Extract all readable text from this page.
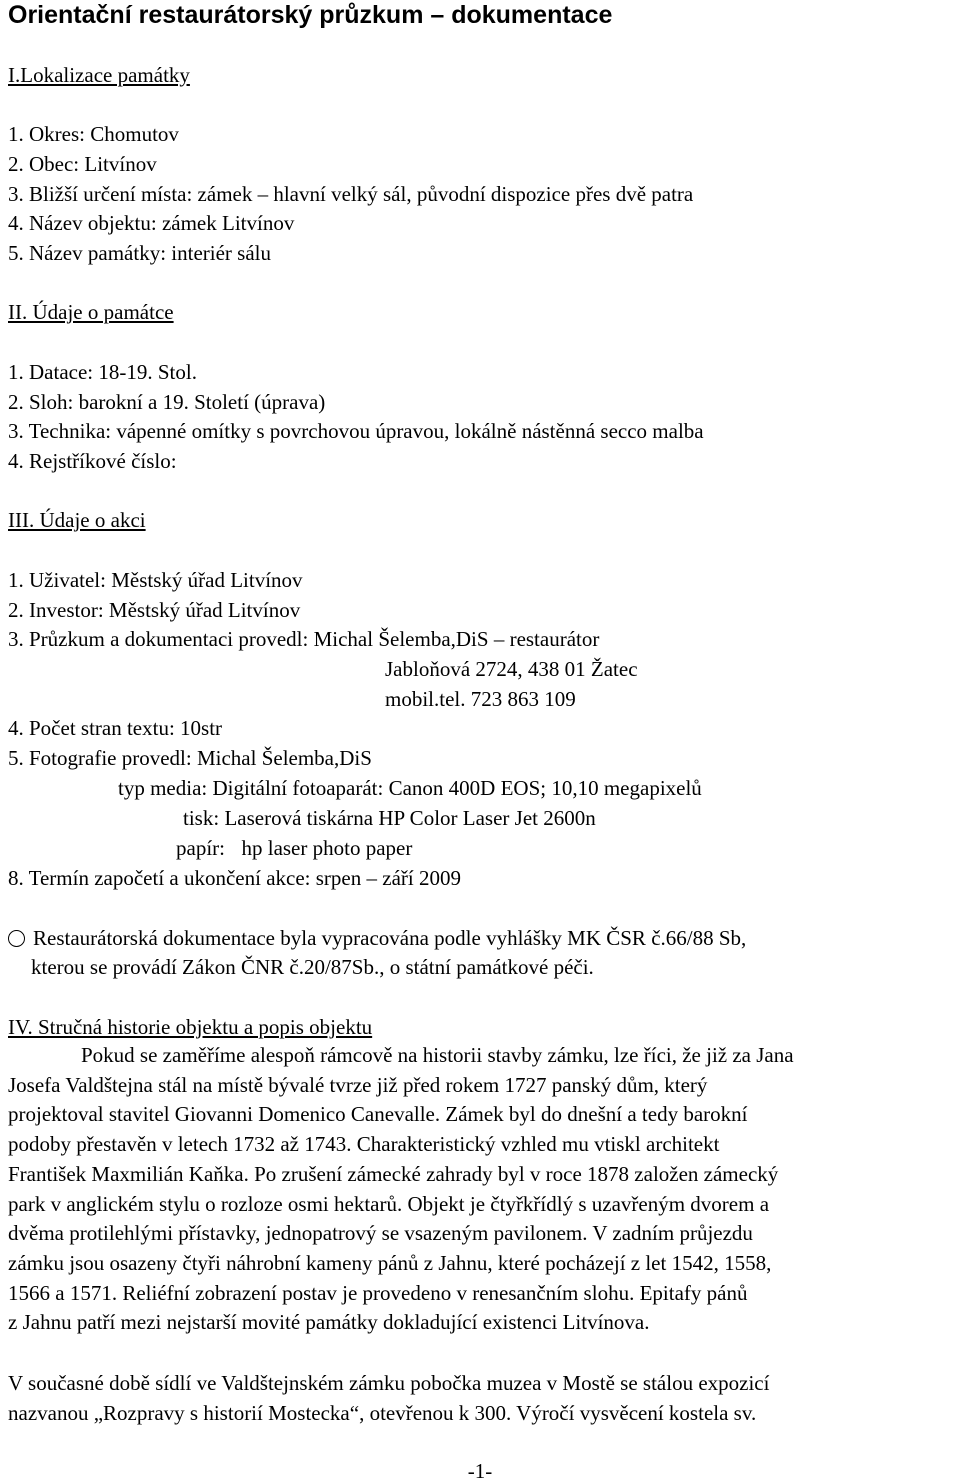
Orientační restaurátorský průzkum – dokumentace
I.Lokalizace památky
1. Okres: Chomutov
2. Obec: Litvínov
3. Bližší určení místa: zámek – hlavní velký sál, původní dispozice přes dvě patra
4. Název objektu: zámek Litvínov
5. Název památky: interiér sálu
II. Údaje o památce
1. Datace: 18-19. Stol.
2. Sloh: barokní a 19. Století (úprava)
3. Technika: vápenné omítky s povrchovou úpravou, lokálně nástěnná secco malba
4. Rejstříkové číslo:
III. Údaje o akci
1. Uživatel: Městský úřad Litvínov
2. Investor: Městský úřad Litvínov
3. Průzkum a dokumentaci provedl: Michal Šelemba,DiS – restaurátor
Jabloňová 2724, 438 01 Žatec
mobil.tel. 723 863 109
4. Počet stran textu: 10str
5. Fotografie provedl: Michal Šelemba,DiS
typ media: Digitální fotoaparát: Canon 400D EOS; 10,10 megapixelů
tisk: Laserová tiskárna HP Color Laser Jet 2600n
papír: hp laser photo paper
8. Termín započetí a ukončení akce: srpen – září 2009
Restaurátorská dokumentace byla vypracována podle vyhlášky MK ČSR č.66/88 Sb,
kterou se provádí Zákon ČNR č.20/87Sb., o státní památkové péči.
IV. Stručná historie objektu a popis objektu
Pokud se zaměříme alespoň rámcově na historii stavby zámku, lze říci, že již za Jana
Josefa Valdštejna stál na místě bývalé tvrze již před rokem 1727 panský dům, který
projektoval stavitel Giovanni Domenico Canevalle. Zámek byl do dnešní a tedy barokní
podoby přestavěn v letech 1732 až 1743. Charakteristický vzhled mu vtiskl architekt
František Maxmilián Kaňka. Po zrušení zámecké zahrady byl v roce 1878 založen zámecký
park v anglickém stylu o rozloze osmi hektarů. Objekt je čtyřkřídlý s uzavřeným dvorem a
dvěma protilehlými přístavky, jednopatrový se vsazeným pavilonem. V zadním průjezdu
zámku jsou osazeny čtyři náhrobní kameny pánů z Jahnu, které pocházejí z let 1542, 1558,
1566 a 1571. Reliéfní zobrazení postav je provedeno v renesančním slohu. Epitafy pánů
z Jahnu patří mezi nejstarší movité památky dokladující existenci Litvínova.
V současné době sídlí ve Valdštejnském zámku pobočka muzea v Mostě se stálou expozicí
nazvanou „Rozpravy s historií Mostecka“, otevřenou k 300. Výročí vysvěcení kostela sv.
-1-
